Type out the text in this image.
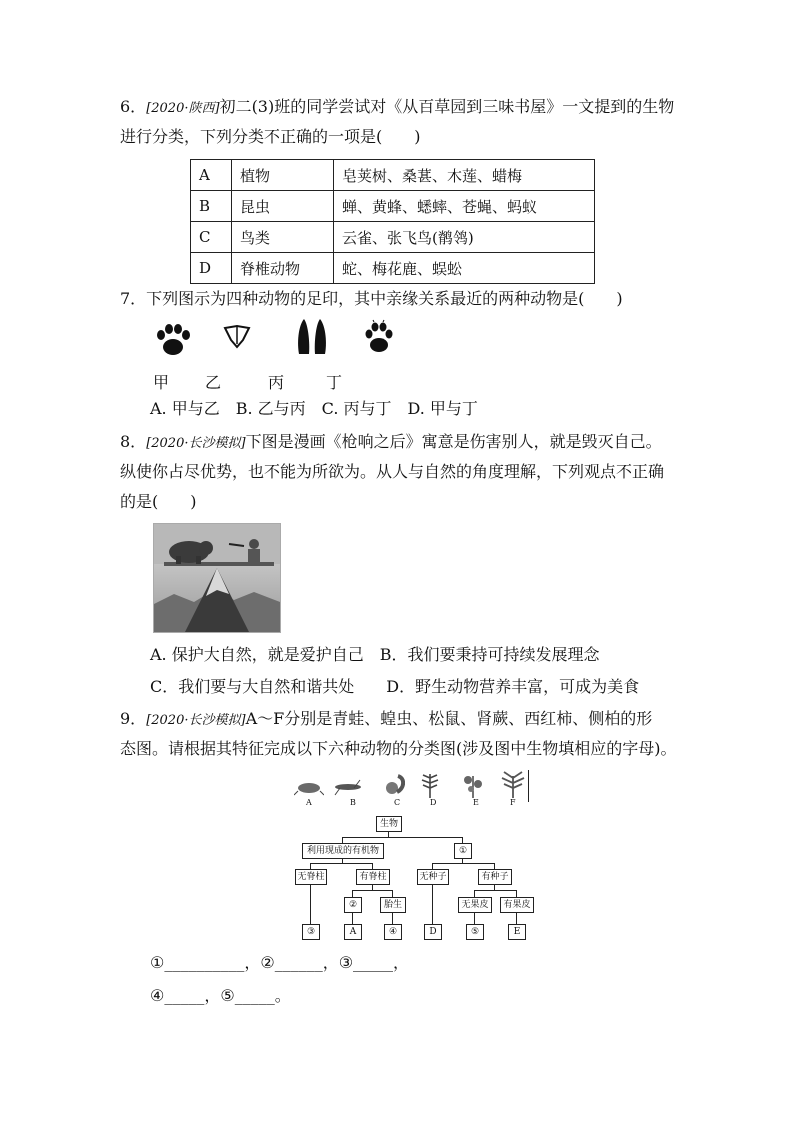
6．[2020·陕西]初二(3)班的同学尝试对《从百草园到三味书屋》一文提到的生物
进行分类，下列分类不正确的一项是(　　)
A	植物	皂荚树、桑葚、木莲、蜡梅
B	昆虫	蝉、黄蜂、蟋蟀、苍蝇、蚂蚁
C	鸟类	云雀、张飞鸟(鹡鸰)
D	脊椎动物	蛇、梅花鹿、蜈蚣
7．下列图示为四种动物的足印，其中亲缘关系最近的两种动物是(　　)
甲 乙	丙	丁
A. 甲与乙　B. 乙与丙　C. 丙与丁　D. 甲与丁
8．[2020·长沙模拟]下图是漫画《枪响之后》寓意是伤害别人，就是毁灭自己。
纵使你占尽优势，也不能为所欲为。从人与自然的角度理解，下列观点不正确
的是(　　)
A. 保护大自然，就是爱护自己　B．我们要秉持可持续发展理念
C．我们要与大自然和谐共处　　D．野生动物营养丰富，可成为美食
9．[2020·长沙模拟]A～F分别是青蛙、蝗虫、松鼠、肾蕨、西红柿、侧柏的形
态图。请根据其特征完成以下六种动物的分类图(涉及图中生物填相应的字母)。
A	B	C	D	E	F
生物
利用现成的有机物	①
无脊柱	有脊柱	无种子	有种子
②	胎生	无果皮	有果皮
③	A	④	D	⑤	E
①__________，②______，③_____，
④_____，⑤_____。
